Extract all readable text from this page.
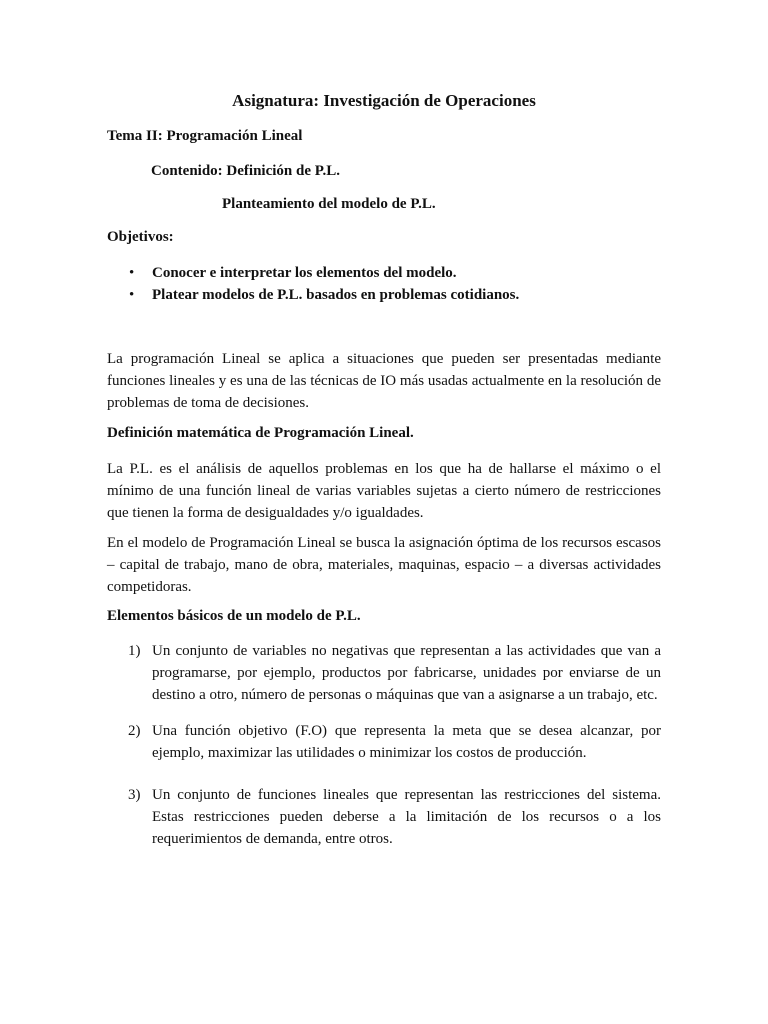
Asignatura: Investigación de Operaciones
Tema II: Programación Lineal
Contenido: Definición de P.L.
Planteamiento del modelo de P.L.
Objetivos:
• Conocer e interpretar los elementos del modelo.
• Platear modelos de P.L. basados en problemas cotidianos.

La programación Lineal se aplica a situaciones que pueden ser presentadas mediante funciones lineales y es una de las técnicas de IO más usadas actualmente en la resolución de problemas de toma de decisiones.

Definición matemática de Programación Lineal.

La P.L. es el análisis de aquellos problemas en los que ha de hallarse el máximo o el mínimo de una función lineal de varias variables sujetas a cierto número de restricciones que tienen la forma de desigualdades y/o igualdades.

En el modelo de Programación Lineal se busca la asignación óptima de los recursos escasos – capital de trabajo, mano de obra, materiales, maquinas, espacio – a diversas actividades competidoras.

Elementos básicos de un modelo de P.L.
1) Un conjunto de variables no negativas que representan a las actividades que van a programarse, por ejemplo, productos por fabricarse, unidades por enviarse de un destino a otro, número de personas o máquinas que van a asignarse a un trabajo, etc.
2) Una función objetivo (F.O) que representa la meta que se desea alcanzar, por ejemplo, maximizar las utilidades o minimizar los costos de producción.
3) Un conjunto de funciones lineales que representan las restricciones del sistema. Estas restricciones pueden deberse a la limitación de los recursos o a los requerimientos de demanda, entre otros.
